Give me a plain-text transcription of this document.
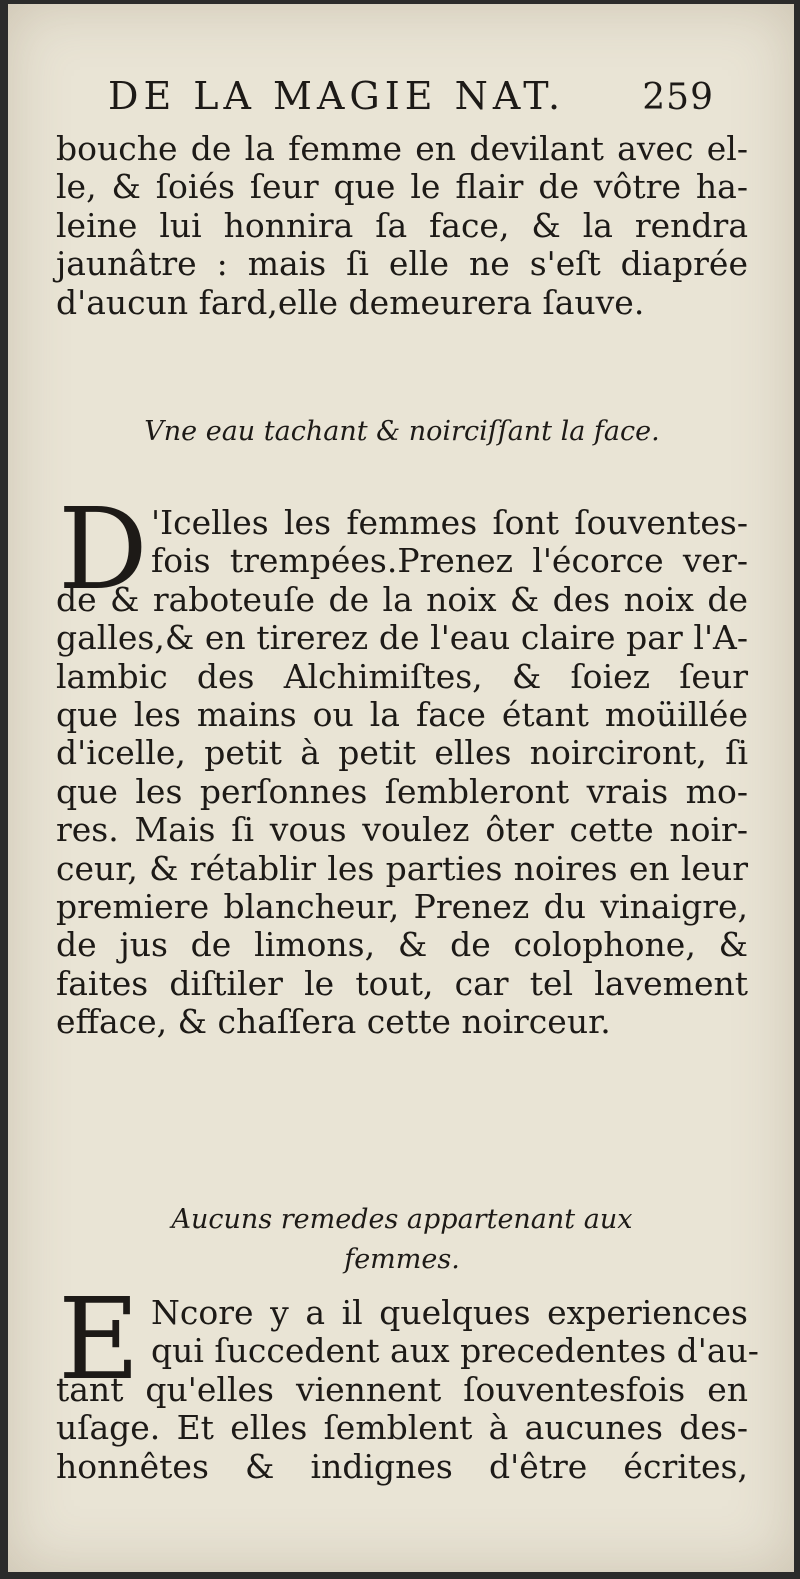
DE LA MAGIE NAT. 259
bouche de la femme en devilant avec el-
le, & ſoiés ſeur que le flair de vôtre ha-
leine lui honnira ſa face, & la rendra
jaunâtre : mais ſi elle ne s'eſt diaprée
d'aucun fard,elle demeurera ſauve.
Vne eau tachant & noirciſſant la face.
D 'Icelles les femmes ſont ſouventes-
fois trempées.Prenez l'écorce ver-
de & raboteuſe de la noix & des noix de
galles,& en tirerez de l'eau claire par l'A-
lambic des Alchimiſtes, & ſoiez ſeur
que les mains ou la face étant moüillée
d'icelle, petit à petit elles noirciront, ſi
que les perſonnes ſembleront vrais mo-
res. Mais ſi vous voulez ôter cette noir-
ceur, & rétablir les parties noires en leur
premiere blancheur, Prenez du vinaigre,
de jus de limons, & de colophone, &
faites diſtiler le tout, car tel lavement
efface, & chaſſera cette noirceur.
Aucuns remedes appartenant aux
femmes.
E Ncore y a il quelques experiences
qui ſuccedent aux precedentes d'au-
tant qu'elles viennent ſouventesfois en
uſage. Et elles ſemblent à aucunes des-
honnêtes & indignes d'être écrites,
